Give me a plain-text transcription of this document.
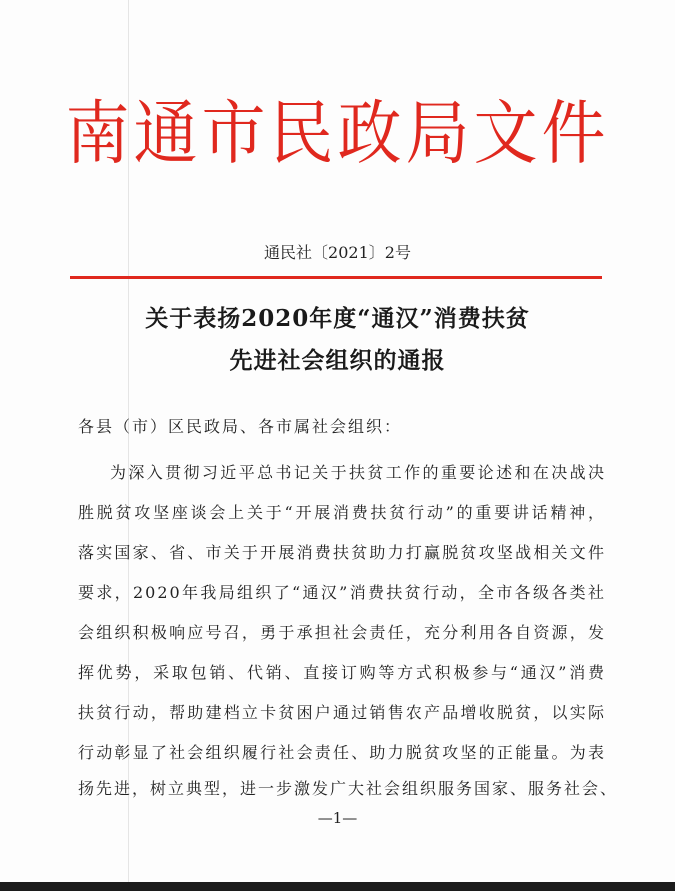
南通市民政局文件
通民社〔2021〕2号
关于表扬2020年度“通汉”消费扶贫
先进社会组织的通报
各县（市）区民政局、各市属社会组织：
为深入贯彻习近平总书记关于扶贫工作的重要论述和在决战决
胜脱贫攻坚座谈会上关于“开展消费扶贫行动”的重要讲话精神，
落实国家、省、市关于开展消费扶贫助力打赢脱贫攻坚战相关文件
要求，2020年我局组织了“通汉”消费扶贫行动，全市各级各类社
会组织积极响应号召，勇于承担社会责任，充分利用各自资源，发
挥优势，采取包销、代销、直接订购等方式积极参与“通汉”消费
扶贫行动，帮助建档立卡贫困户通过销售农产品增收脱贫，以实际
行动彰显了社会组织履行社会责任、助力脱贫攻坚的正能量。为表
扬先进，树立典型，进一步激发广大社会组织服务国家、服务社会、
—1—
